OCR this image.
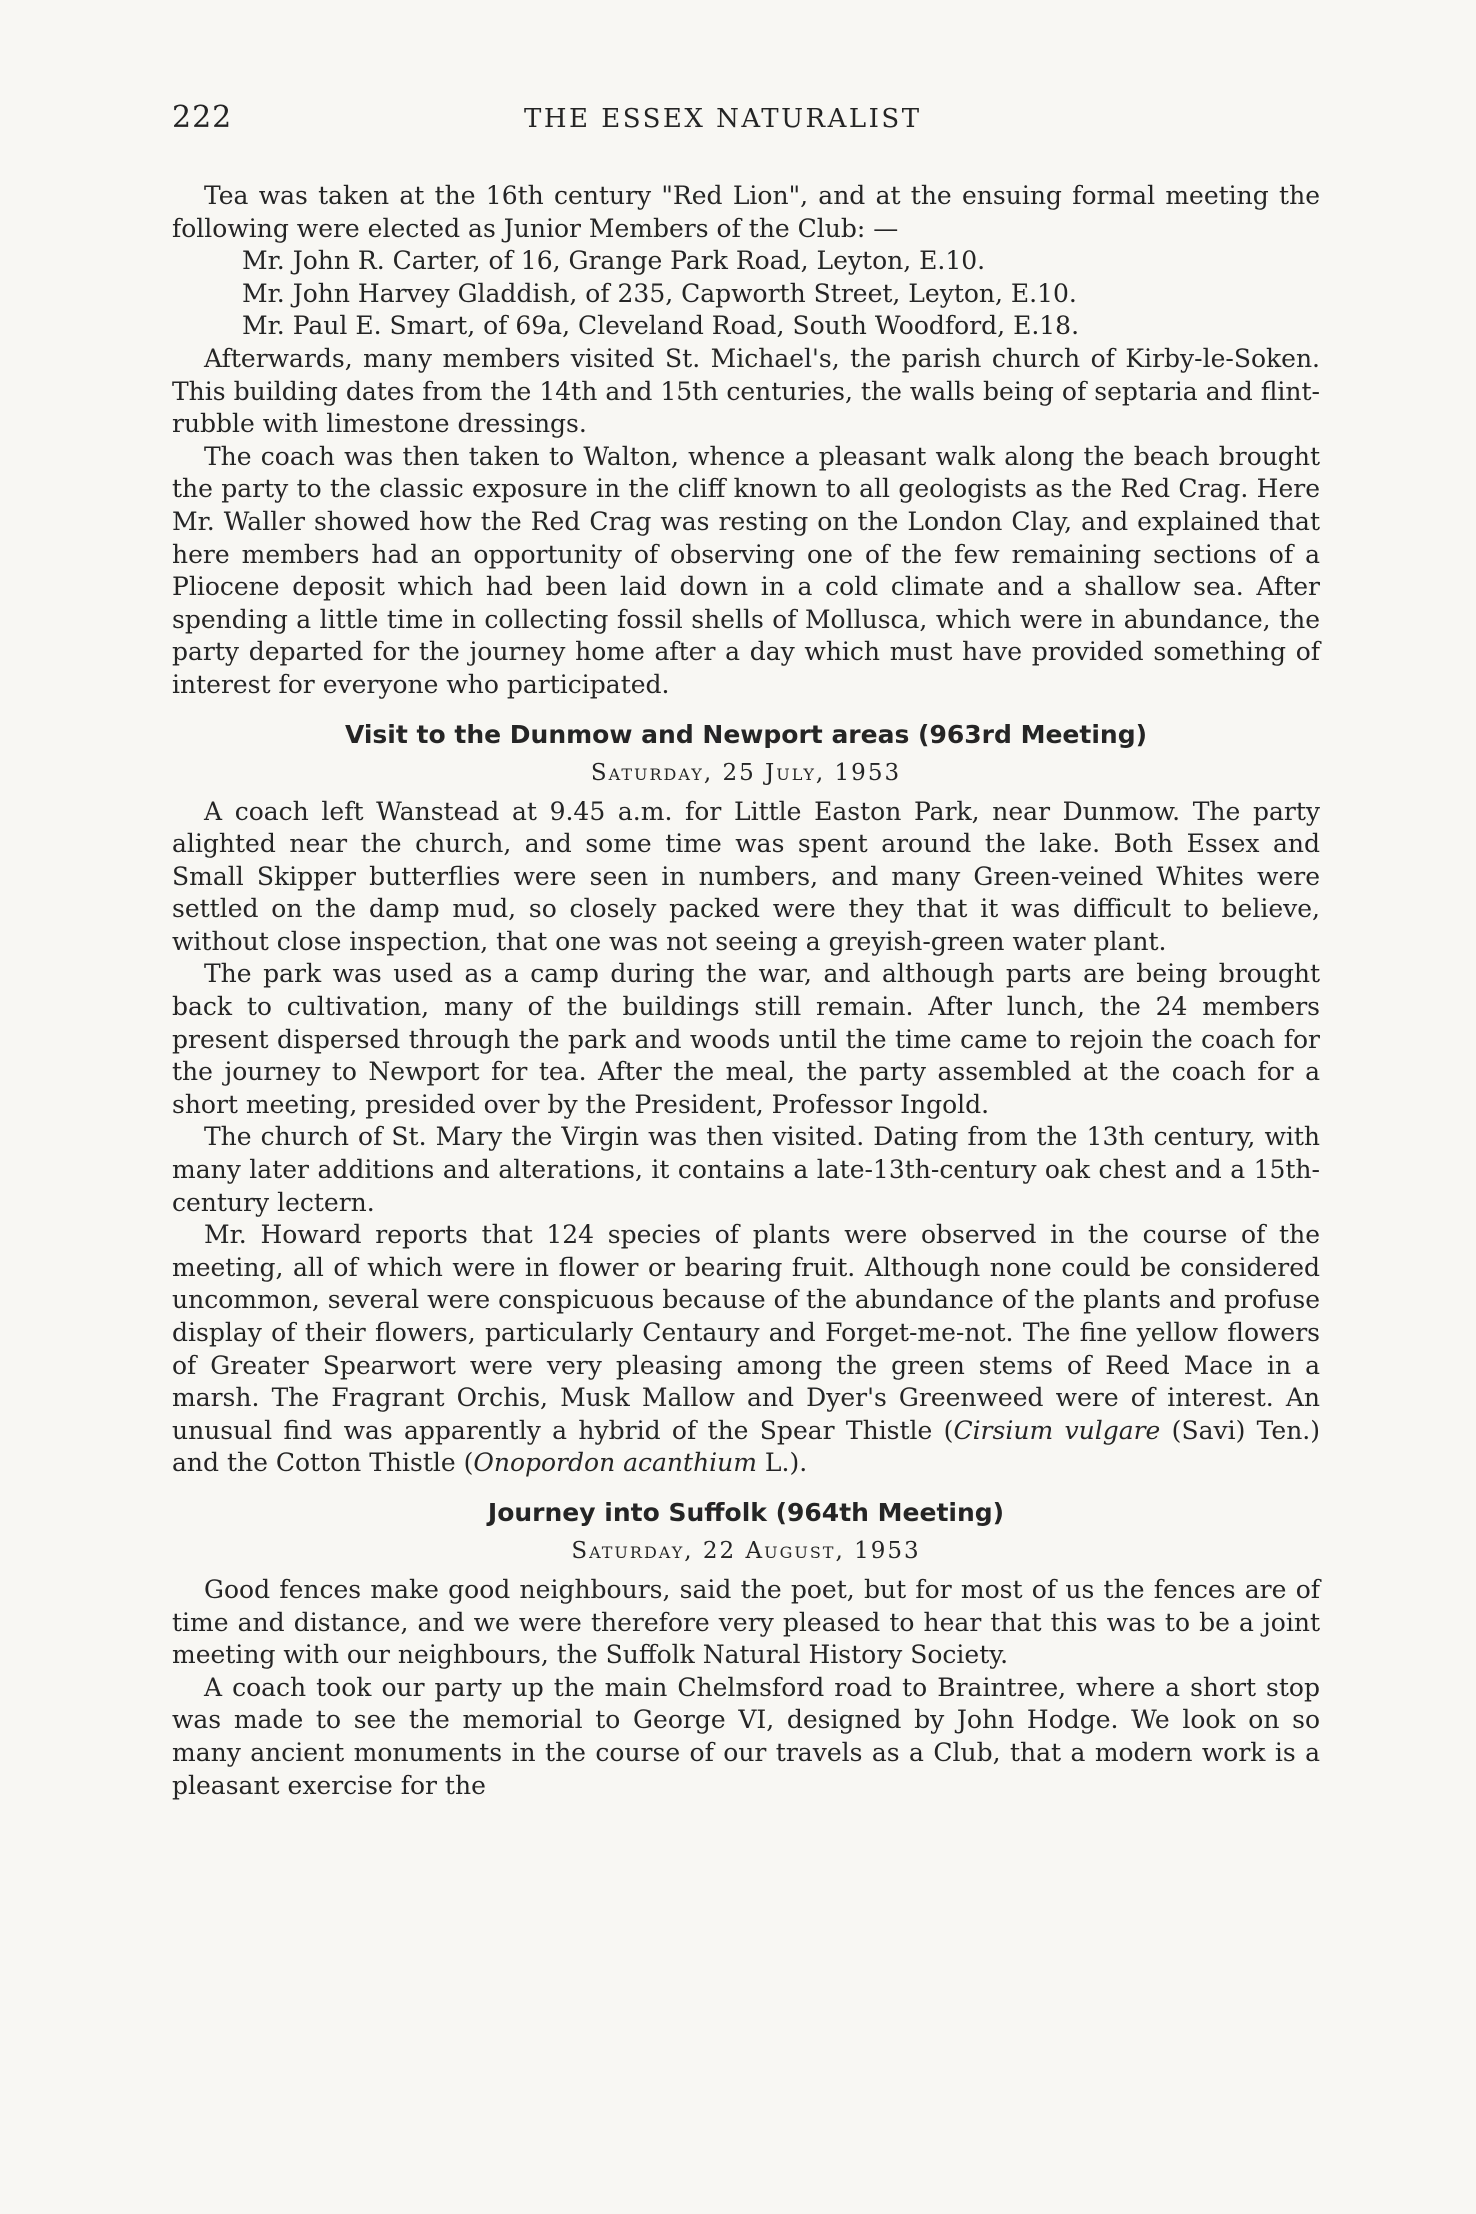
222	THE ESSEX NATURALIST

Tea was taken at the 16th century "Red Lion", and at the ensuing formal meeting the following were elected as Junior Members of the Club: —

Mr. John R. Carter, of 16, Grange Park Road, Leyton, E.10.

Mr. John Harvey Gladdish, of 235, Capworth Street, Leyton, E.10.

Mr. Paul E. Smart, of 69a, Cleveland Road, South Woodford, E.18.

Afterwards, many members visited St. Michael's, the parish church of Kirby-le-Soken. This building dates from the 14th and 15th centuries, the walls being of septaria and flint-rubble with limestone dressings.

The coach was then taken to Walton, whence a pleasant walk along the beach brought the party to the classic exposure in the cliff known to all geologists as the Red Crag. Here Mr. Waller showed how the Red Crag was resting on the London Clay, and explained that here members had an opportunity of observing one of the few remaining sections of a Pliocene deposit which had been laid down in a cold climate and a shallow sea. After spending a little time in collecting fossil shells of Mollusca, which were in abundance, the party departed for the journey home after a day which must have provided something of interest for everyone who participated.

Visit to the Dunmow and Newport areas (963rd Meeting)
Saturday, 25 July, 1953

A coach left Wanstead at 9.45 a.m. for Little Easton Park, near Dunmow. The party alighted near the church, and some time was spent around the lake. Both Essex and Small Skipper butterflies were seen in numbers, and many Green-veined Whites were settled on the damp mud, so closely packed were they that it was difficult to believe, without close inspection, that one was not seeing a greyish-green water plant.

The park was used as a camp during the war, and although parts are being brought back to cultivation, many of the buildings still remain. After lunch, the 24 members present dispersed through the park and woods until the time came to rejoin the coach for the journey to Newport for tea. After the meal, the party assembled at the coach for a short meeting, presided over by the President, Professor Ingold.

The church of St. Mary the Virgin was then visited. Dating from the 13th century, with many later additions and alterations, it contains a late-13th-century oak chest and a 15th-century lectern.

Mr. Howard reports that 124 species of plants were observed in the course of the meeting, all of which were in flower or bearing fruit. Although none could be considered uncommon, several were conspicuous because of the abundance of the plants and profuse display of their flowers, particularly Centaury and Forget-me-not. The fine yellow flowers of Greater Spearwort were very pleasing among the green stems of Reed Mace in a marsh. The Fragrant Orchis, Musk Mallow and Dyer's Greenweed were of interest. An unusual find was apparently a hybrid of the Spear Thistle (Cirsium vulgare (Savi) Ten.) and the Cotton Thistle (Onopordon acanthium L.).

Journey into Suffolk (964th Meeting)
Saturday, 22 August, 1953

Good fences make good neighbours, said the poet, but for most of us the fences are of time and distance, and we were therefore very pleased to hear that this was to be a joint meeting with our neighbours, the Suffolk Natural History Society.

A coach took our party up the main Chelmsford road to Braintree, where a short stop was made to see the memorial to George VI, designed by John Hodge. We look on so many ancient monuments in the course of our travels as a Club, that a modern work is a pleasant exercise for the
